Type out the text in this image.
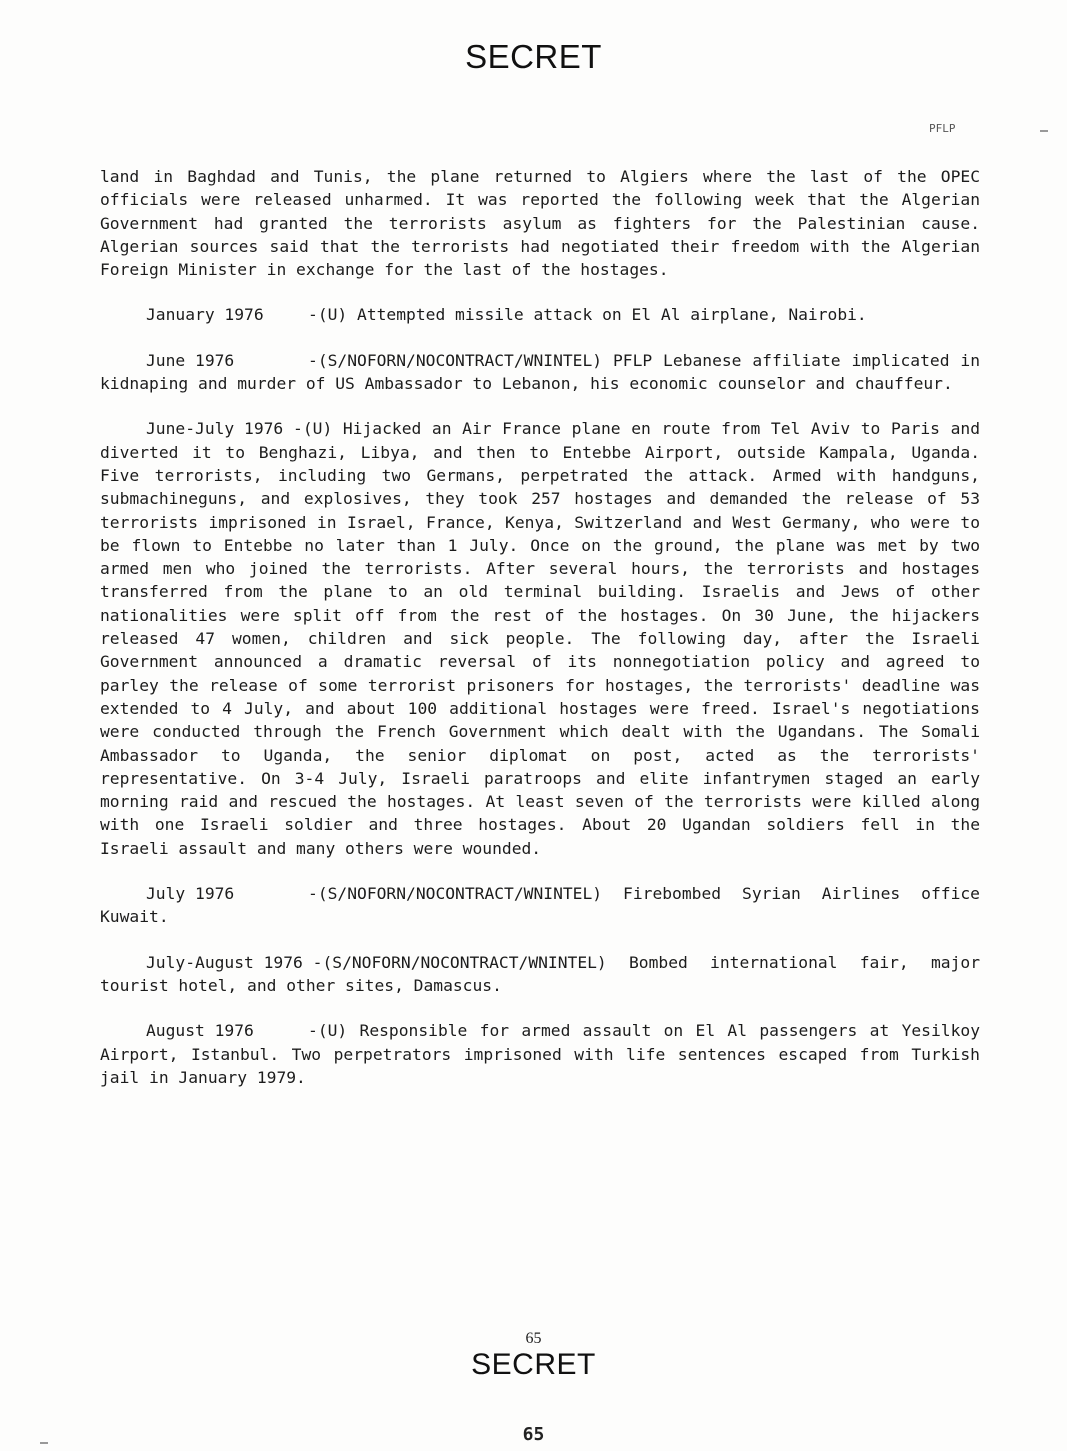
SECRET
PFLP

land in Baghdad and Tunis, the plane returned to Algiers where the last of the OPEC officials were released unharmed. It was reported the following week that the Algerian Government had granted the terrorists asylum as fighters for the Palestinian cause. Algerian sources said that the terrorists had negotiated their freedom with the Algerian Foreign Minister in exchange for the last of the hostages.

January 1976	-(U) Attempted missile attack on El Al airplane, Nairobi.

June 1976	-(S/NOFORN/NOCONTRACT/WNINTEL) PFLP Lebanese affiliate implicated in kidnaping and murder of US Ambassador to Lebanon, his economic counselor and chauffeur.

June-July 1976 -(U) Hijacked an Air France plane en route from Tel Aviv to Paris and diverted it to Benghazi, Libya, and then to Entebbe Airport, outside Kampala, Uganda. Five terrorists, including two Germans, perpetrated the attack. Armed with handguns, submachineguns, and explosives, they took 257 hostages and demanded the release of 53 terrorists imprisoned in Israel, France, Kenya, Switzerland and West Germany, who were to be flown to Entebbe no later than 1 July. Once on the ground, the plane was met by two armed men who joined the terrorists. After several hours, the terrorists and hostages transferred from the plane to an old terminal building. Israelis and Jews of other nationalities were split off from the rest of the hostages. On 30 June, the hijackers released 47 women, children and sick people. The following day, after the Israeli Government announced a dramatic reversal of its nonnegotiation policy and agreed to parley the release of some terrorist prisoners for hostages, the terrorists' deadline was extended to 4 July, and about 100 additional hostages were freed. Israel's negotiations were conducted through the French Government which dealt with the Ugandans. The Somali Ambassador to Uganda, the senior diplomat on post, acted as the terrorists' representative. On 3-4 July, Israeli paratroops and elite infantrymen staged an early morning raid and rescued the hostages. At least seven of the terrorists were killed along with one Israeli soldier and three hostages. About 20 Ugandan soldiers fell in the Israeli assault and many others were wounded.

July 1976	-(S/NOFORN/NOCONTRACT/WNINTEL) Firebombed Syrian Airlines office Kuwait.

July-August 1976 -(S/NOFORN/NOCONTRACT/WNINTEL) Bombed international fair, major tourist hotel, and other sites, Damascus.

August 1976	-(U) Responsible for armed assault on El Al passengers at Yesilkoy Airport, Istanbul. Two perpetrators imprisoned with life sentences escaped from Turkish jail in January 1979.

65
SECRET
65
